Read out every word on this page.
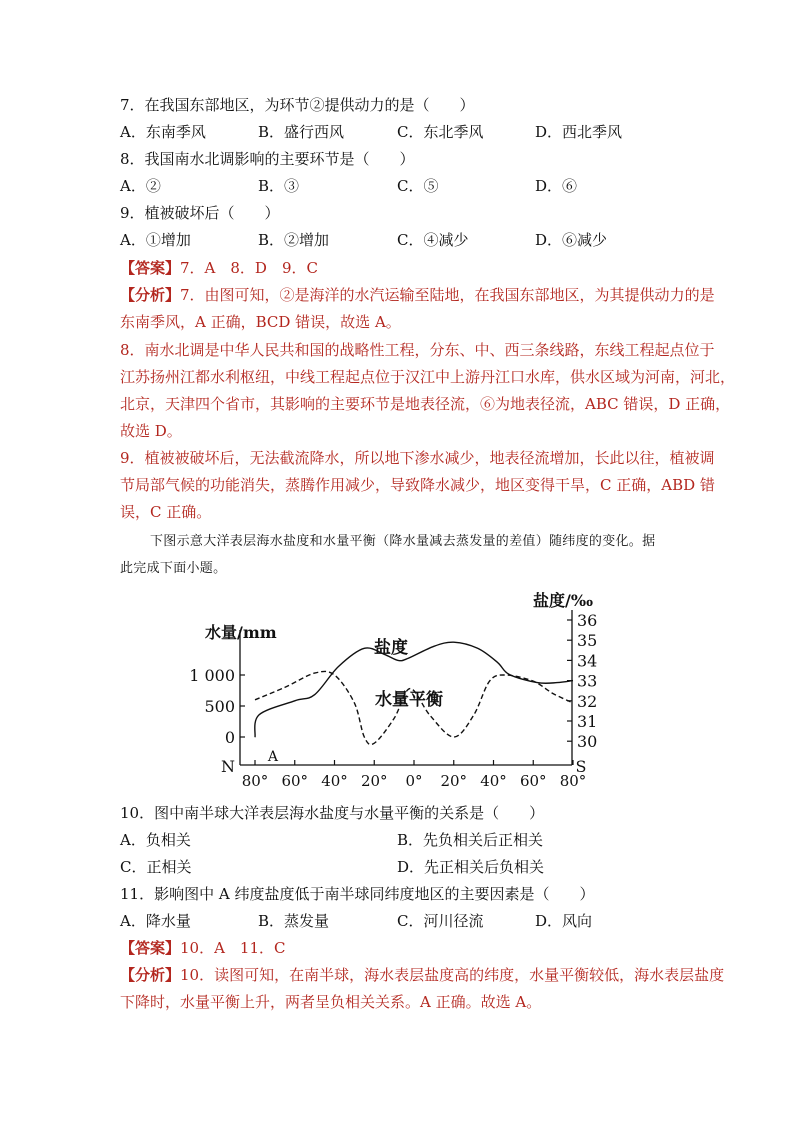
7．在我国东部地区，为环节②提供动力的是（　　）
A．东南季风	B．盛行西风	C．东北季风	D．西北季风
8．我国南水北调影响的主要环节是（　　）
A．②	B．③	C．⑤	D．⑥
9．植被破坏后（　　）
A．①增加	B．②增加	C．④减少	D．⑥减少
【答案】7．A　8．D　9．C
【分析】7．由图可知，②是海洋的水汽运输至陆地，在我国东部地区，为其提供动力的是
东南季风，A 正确，BCD 错误，故选 A。
8．南水北调是中华人民共和国的战略性工程，分东、中、西三条线路，东线工程起点位于
江苏扬州江都水利枢纽，中线工程起点位于汉江中上游丹江口水库，供水区域为河南，河北，
北京，天津四个省市，其影响的主要环节是地表径流，⑥为地表径流，ABC 错误，D 正确，
故选 D。
9．植被被破坏后，无法截流降水，所以地下渗水减少，地表径流增加，长此以往，植被调
节局部气候的功能消失，蒸腾作用减少，导致降水减少，地区变得干旱，C 正确，ABD 错
误，C 正确。
下图示意大洋表层海水盐度和水量平衡（降水量减去蒸发量的差值）随纬度的变化。据
此完成下面小题。
1 000
500
0
36
35
34
33
32
31
30
80° 60° 40° 20° 0° 20° 40° 60° 80°
水量/mm
盐度/‰
N	S
A
盐度
水量平衡
10．图中南半球大洋表层海水盐度与水量平衡的关系是（　　）
A．负相关	B．先负相关后正相关
C．正相关	D．先正相关后负相关
11．影响图中 A 纬度盐度低于南半球同纬度地区的主要因素是（　　）
A．降水量	B．蒸发量	C．河川径流	D．风向
【答案】10．A　11．C
【分析】10．读图可知，在南半球，海水表层盐度高的纬度，水量平衡较低，海水表层盐度
下降时，水量平衡上升，两者呈负相关关系。A 正确。故选 A。
